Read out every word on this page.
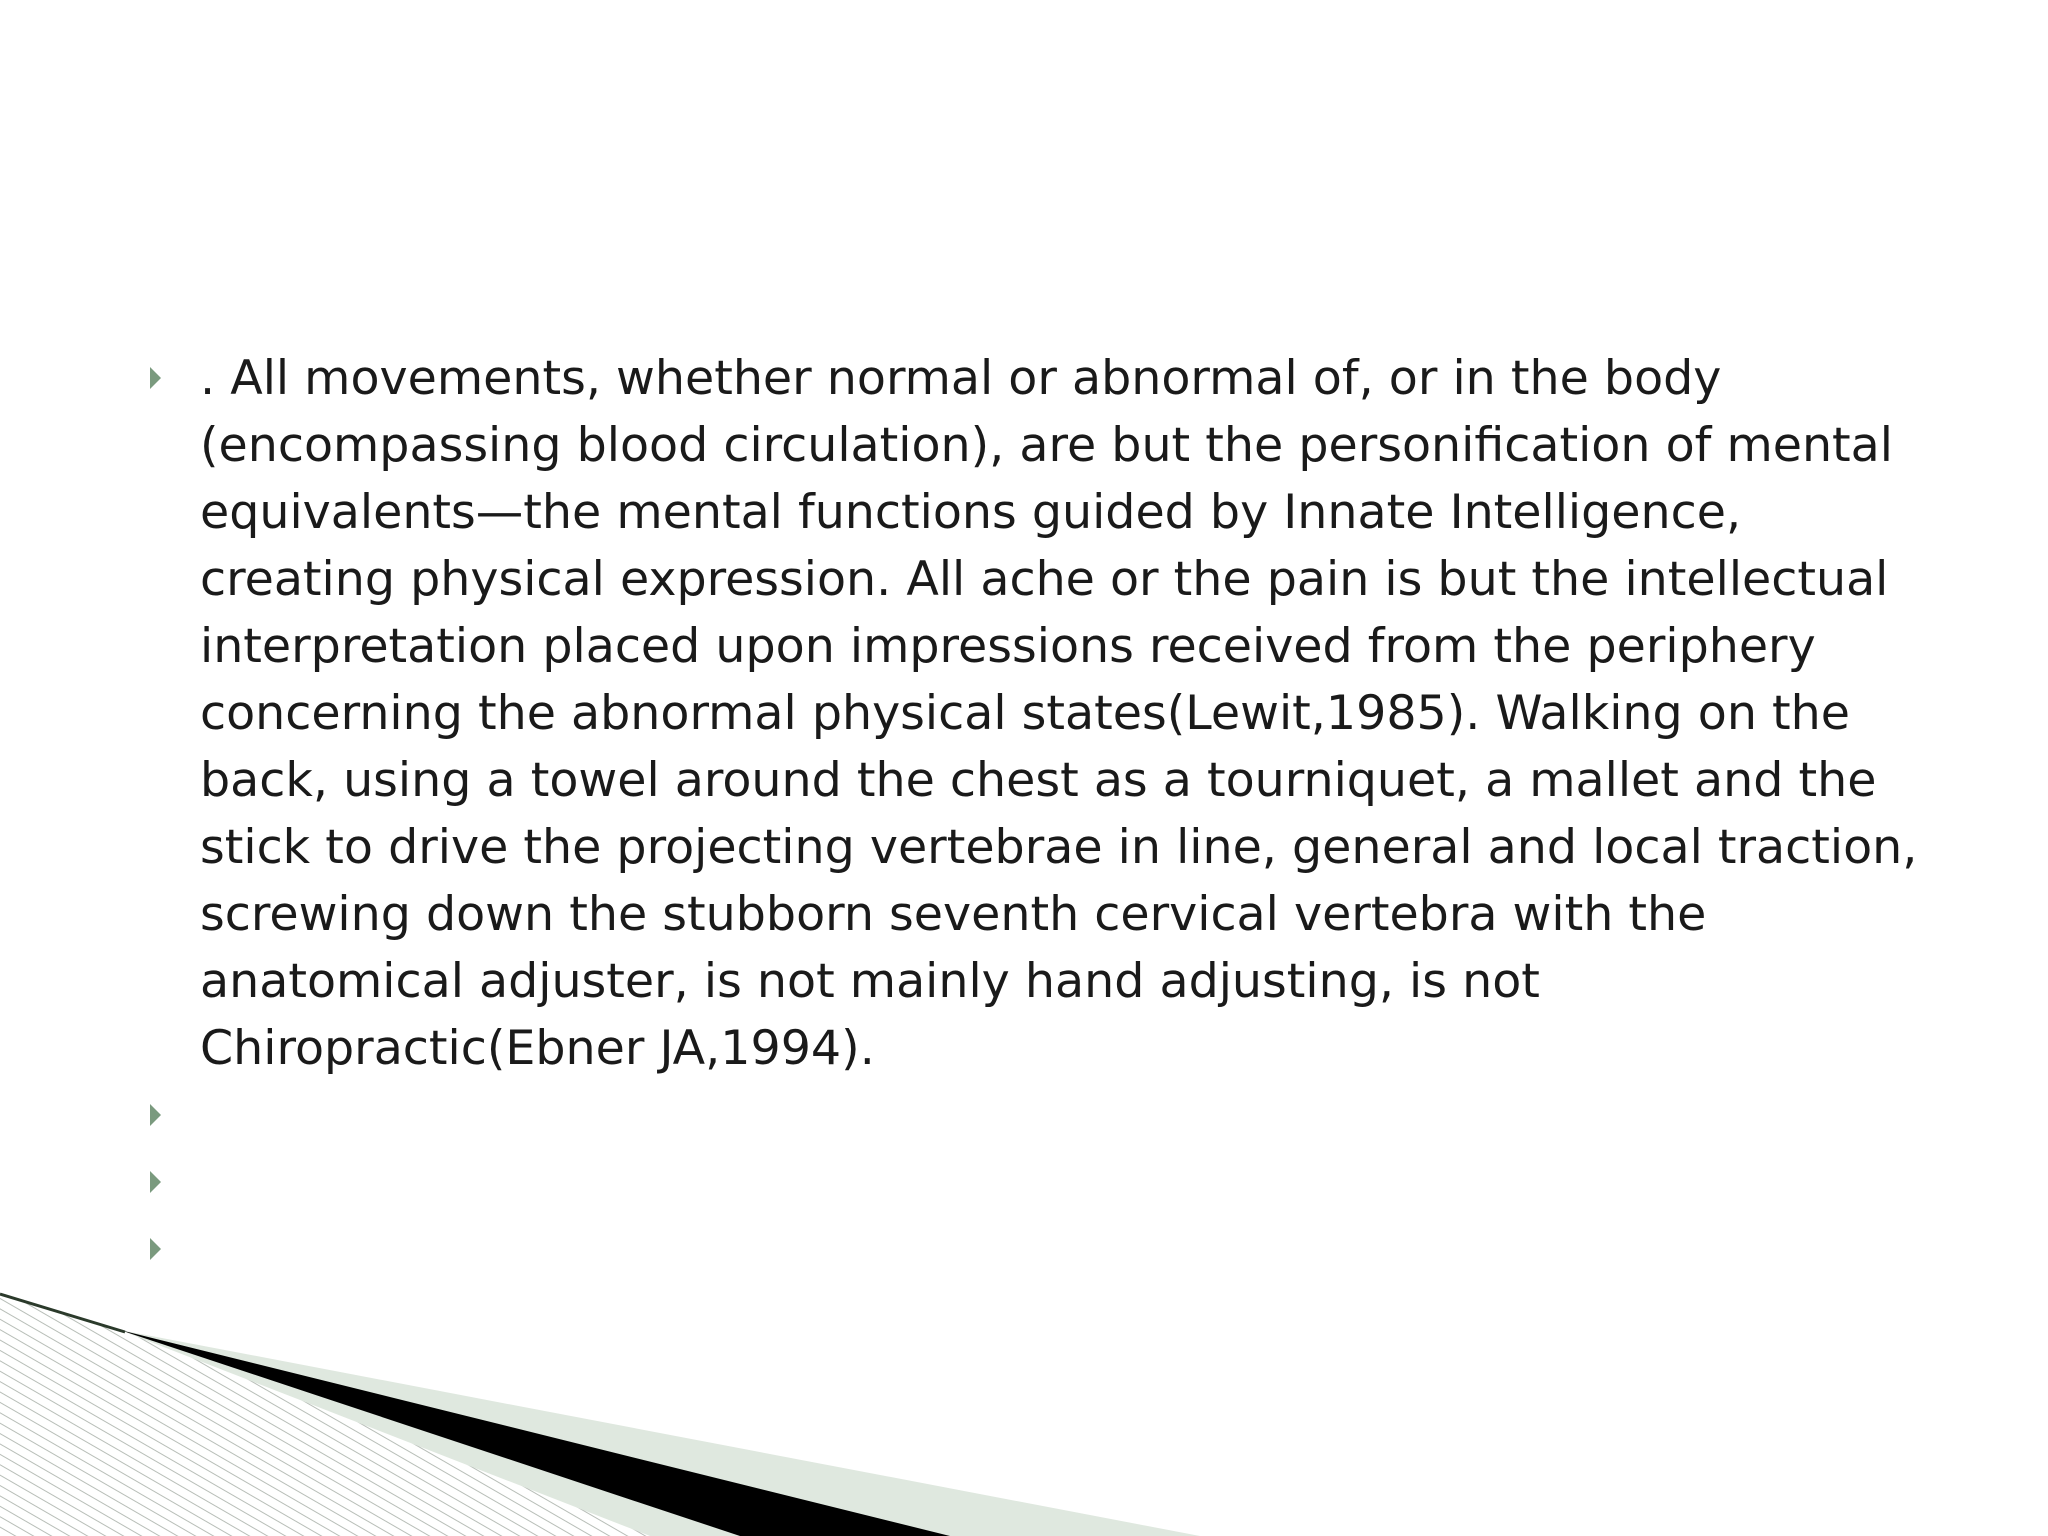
. All movements, whether normal or abnormal of, or in the body (encompassing blood circulation), are but the personification of mental equivalents—the mental functions guided by Innate Intelligence, creating physical expression. All ache or the pain is but the intellectual interpretation placed upon impressions received from the periphery concerning the abnormal physical states(Lewit,1985). Walking on the back, using a towel around the chest as a tourniquet, a mallet and the stick to drive the projecting vertebrae in line, general and local traction, screwing down the stubborn seventh cervical vertebra with the anatomical adjuster, is not mainly hand adjusting, is not Chiropractic(Ebner JA,1994).
